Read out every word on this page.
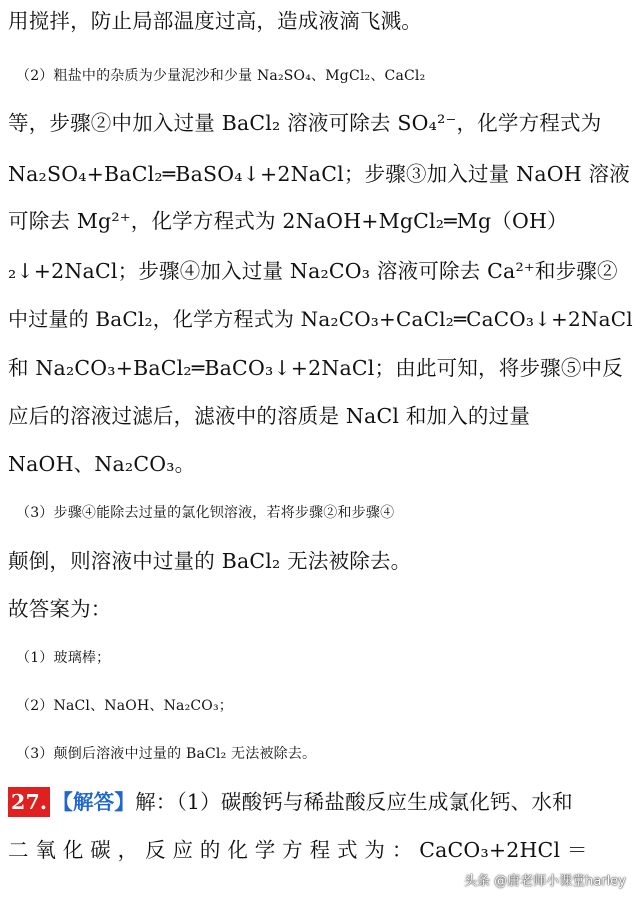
用搅拌，防止局部温度过高，造成液滴飞溅。
（2）粗盐中的杂质为少量泥沙和少量 Na₂SO₄、MgCl₂、CaCl₂
等，步骤②中加入过量 BaCl₂ 溶液可除去 SO₄²⁻，化学方程式为
Na₂SO₄+BaCl₂═BaSO₄↓+2NaCl；步骤③加入过量 NaOH 溶液
可除去 Mg²⁺，化学方程式为 2NaOH+MgCl₂═Mg（OH）
₂↓+2NaCl；步骤④加入过量 Na₂CO₃ 溶液可除去 Ca²⁺和步骤②
中过量的 BaCl₂，化学方程式为 Na₂CO₃+CaCl₂═CaCO₃↓+2NaCl
和 Na₂CO₃+BaCl₂═BaCO₃↓+2NaCl；由此可知，将步骤⑤中反
应后的溶液过滤后，滤液中的溶质是 NaCl 和加入的过量
NaOH、Na₂CO₃。
（3）步骤④能除去过量的氯化钡溶液，若将步骤②和步骤④
颠倒，则溶液中过量的 BaCl₂ 无法被除去。
故答案为：
（1）玻璃棒；
（2）NaCl、NaOH、Na₂CO₃；
（3）颠倒后溶液中过量的 BaCl₂ 无法被除去。
27. 【解答】解：（1）碳酸钙与稀盐酸反应生成氯化钙、水和
二 氧 化 碳 ， 反 应 的 化 学 方 程 式 为 ： CaCO₃+2HCl ＝
头条 @唐老师小课堂harley
